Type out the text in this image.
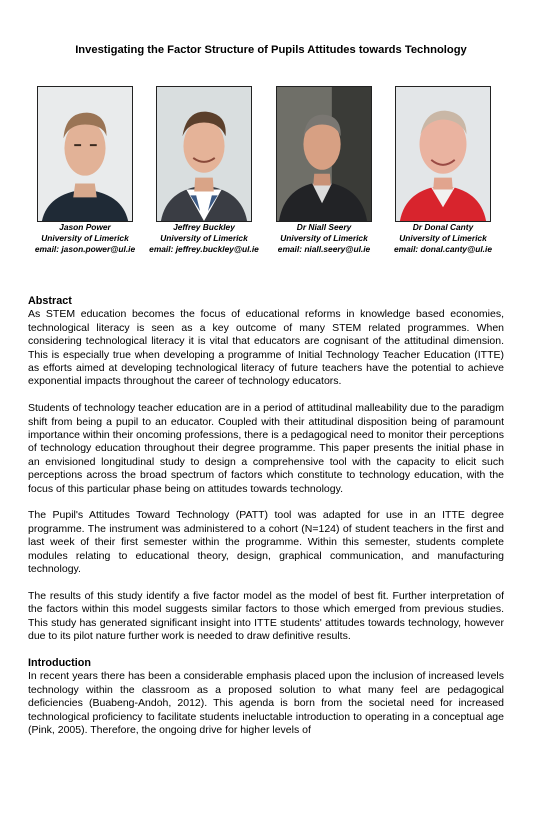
Investigating the Factor Structure of Pupils Attitudes towards Technology
Jason Power
University of Limerick
email: jason.power@ul.ie
Jeffrey Buckley
University of Limerick
email: jeffrey.buckley@ul.ie
Dr Niall Seery
University of Limerick
email: niall.seery@ul.ie
Dr Donal Canty
University of Limerick
email: donal.canty@ul.ie
Abstract

As STEM education becomes the focus of educational reforms in knowledge based economies, technological literacy is seen as a key outcome of many STEM related programmes. When considering technological literacy it is vital that educators are cognisant of the attitudinal dimension. This is especially true when developing a programme of Initial Technology Teacher Education (ITTE) as efforts aimed at developing technological literacy of future teachers have the potential to achieve exponential impacts throughout the career of technology educators.

Students of technology teacher education are in a period of attitudinal malleability due to the paradigm shift from being a pupil to an educator. Coupled with their attitudinal disposition being of paramount importance within their oncoming professions, there is a pedagogical need to monitor their perceptions of technology education throughout their degree programme. This paper presents the initial phase in an envisioned longitudinal study to design a comprehensive tool with the capacity to elicit such perceptions across the broad spectrum of factors which constitute to technology education, with the focus of this particular phase being on attitudes towards technology.

The Pupil's Attitudes Toward Technology (PATT) tool was adapted for use in an ITTE degree programme. The instrument was administered to a cohort (N=124) of student teachers in the first and last week of their first semester within the programme. Within this semester, students complete modules relating to educational theory, design, graphical communication, and manufacturing technology.

The results of this study identify a five factor model as the model of best fit. Further interpretation of the factors within this model suggests similar factors to those which emerged from previous studies. This study has generated significant insight into ITTE students' attitudes towards technology, however due to its pilot nature further work is needed to draw definitive results.

Introduction

In recent years there has been a considerable emphasis placed upon the inclusion of increased levels technology within the classroom as a proposed solution to what many feel are pedagogical deficiencies (Buabeng-Andoh, 2012). This agenda is born from the societal need for increased technological proficiency to facilitate students ineluctable introduction to operating in a conceptual age (Pink, 2005). Therefore, the ongoing drive for higher levels of
